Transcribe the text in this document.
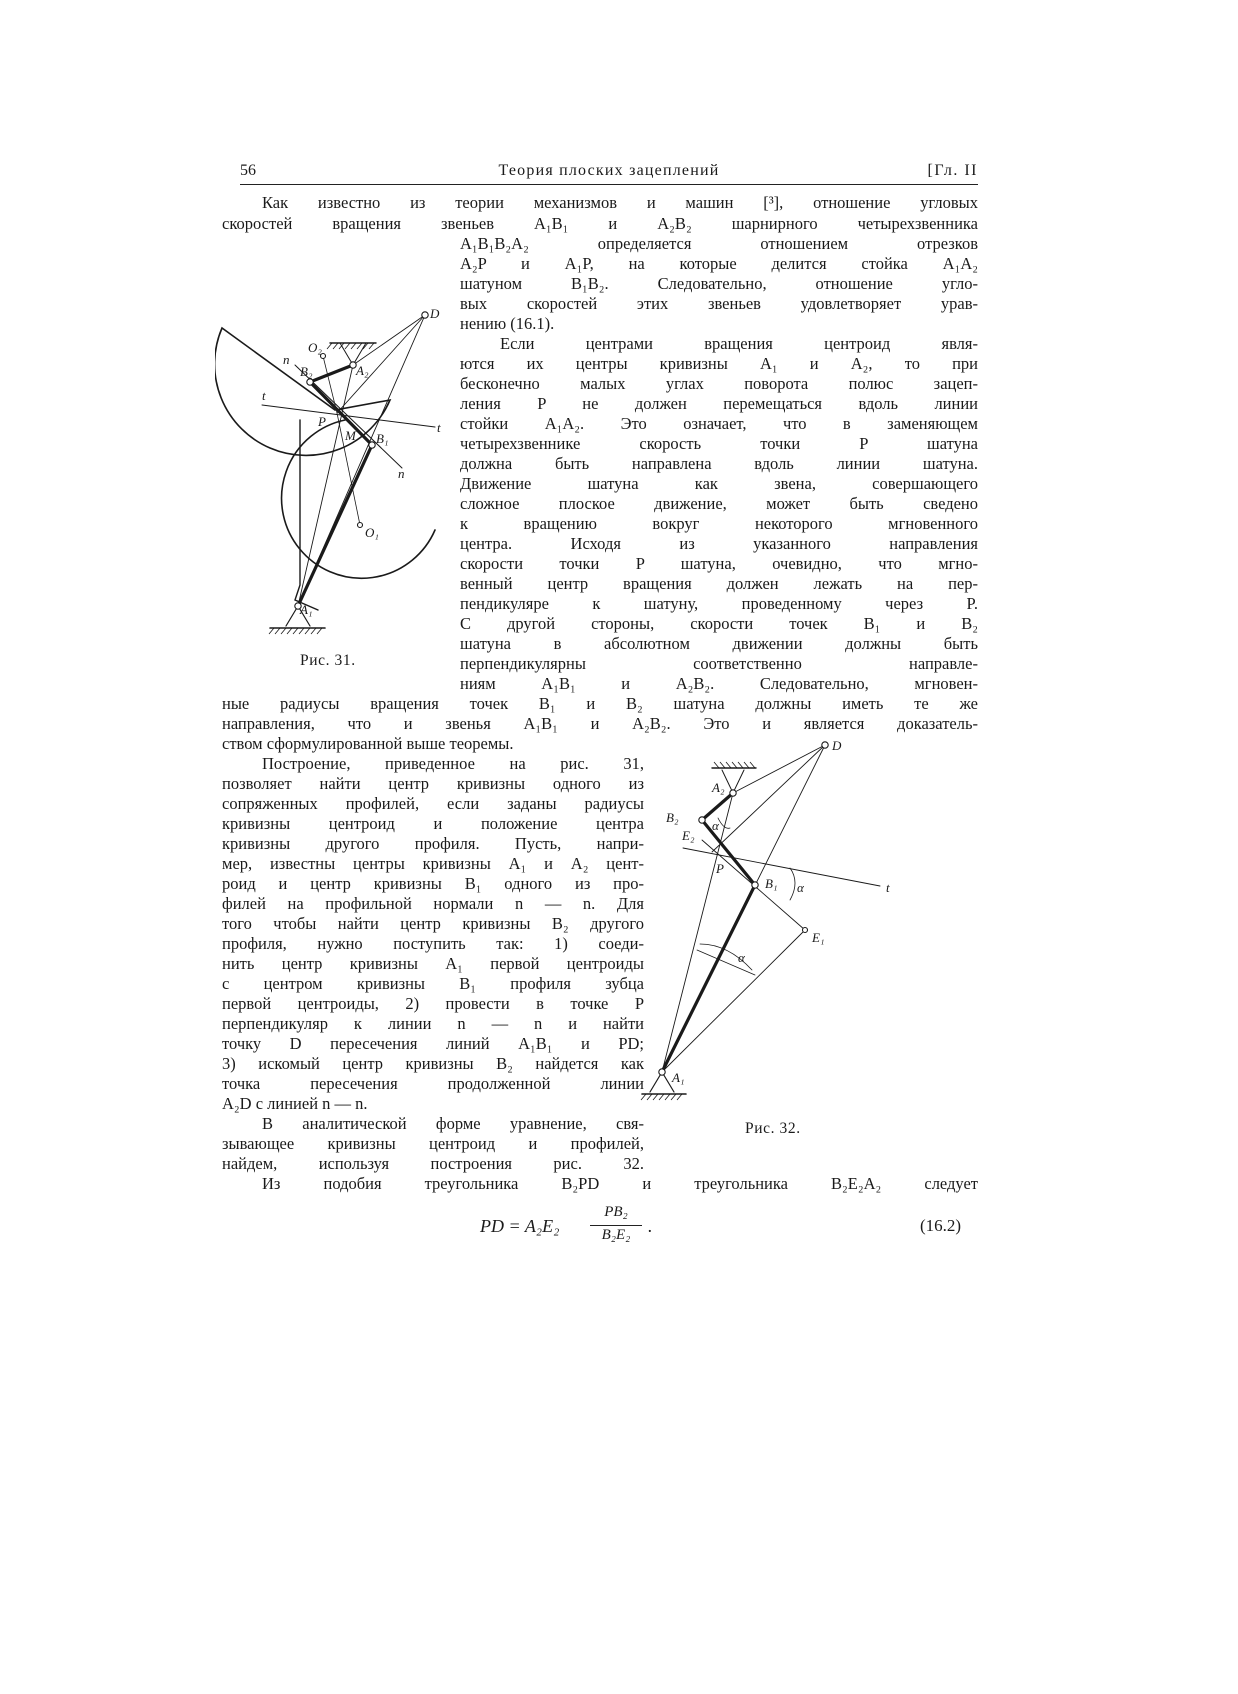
56	Теория плоских зацеплений	[Гл. II
Как известно из теории механизмов и машин [³], отношение угловых
скоростей вращения звеньев A₁B₁ и A₂B₂ шарнирного четырехзвенника
A₁B₁B₂A₂ определяется отношением отрезков
A₂P и A₁P, на которые делится стойка A₁A₂
шатуном B₁B₂. Следовательно, отношение угло-
вых скоростей этих звеньев удовлетворяет урав-
нению (16.1).
Если центрами вращения центроид явля-
ются их центры кривизны A₁ и A₂, то при
бесконечно малых углах поворота полюс зацеп-
ления P не должен перемещаться вдоль линии
стойки A₁A₂. Это означает, что в заменяющем
четырехзвеннике скорость точки P шатуна
должна быть направлена вдоль линии шатуна.
Движение шатуна как звена, совершающего
сложное плоское движение, может быть сведено
к вращению вокруг некоторого мгновенного
центра. Исходя из указанного направления
скорости точки P шатуна, очевидно, что мгно-
венный центр вращения должен лежать на пер-
пендикуляре к шатуну, проведенному через P.
С другой стороны, скорости точек B₁ и B₂
шатуна в абсолютном движении должны быть
перпендикулярны соответственно направле-
ниям A₁B₁ и A₂B₂. Следовательно, мгновен-
ные радиусы вращения точек B₁ и B₂ шатуна должны иметь те же
направления, что и звенья A₁B₁ и A₂B₂. Это и является доказатель-
ством сформулированной выше теоремы.
Построение, приведенное на рис. 31,
позволяет найти центр кривизны одного из
сопряженных профилей, если заданы радиусы
кривизны центроид и положение центра
кривизны другого профиля. Пусть, напри-
мер, известны центры кривизны A₁ и A₂ цент-
роид и центр кривизны B₁ одного из про-
филей на профильной нормали n — n. Для
того чтобы найти центр кривизны B₂ другого
профиля, нужно поступить так: 1) соеди-
нить центр кривизны A₁ первой центроиды
с центром кривизны B₁ профиля зубца
первой центроиды, 2) провести в точке P
перпендикуляр к линии n — n и найти
точку D пересечения линий A₁B₁ и PD;
3) искомый центр кривизны B₂ найдется как
точка пересечения продолженной линии
A₂D с линией n — n.
В аналитической форме уравнение, свя-
зывающее кривизны центроид и профилей,
найдем, используя построения рис. 32.
Из подобия треугольника B₂PD и треугольника B₂E₂A₂ следует
PD = A₂E₂
PB₂
B₂E₂ .	(16.2)
D
O₂
A₂
n
B₂
t
P
M B₁
t
n
O₁
A₁
Рис. 31.
D
A₂
B₂
E₂
α
P
B₁ α	t
E₁
α
A₁
Рис. 32.
